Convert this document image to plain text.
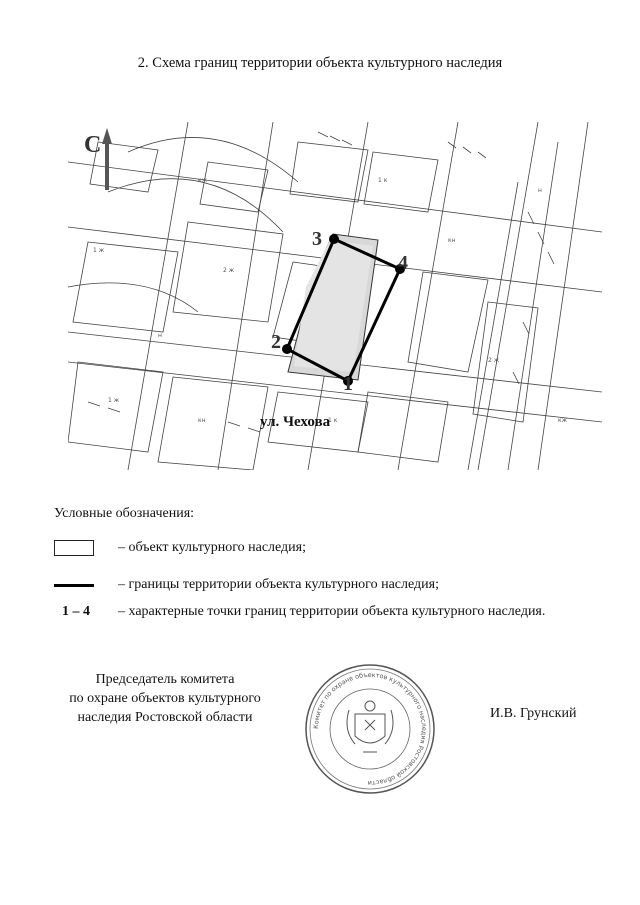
2. Схема границ территории объекта культурного наследия
кж
1 ж
2 ж
1 ж
кн
1 к
кн
2 ж
н
н
1 к	кж
С
1
2
3
4
ул. Чехова
Условные обозначения:
– объект культурного наследия;
– границы территории объекта культурного наследия;
1 – 4	– характерные точки границ территории объекта культурного наследия.
Председатель комитета
по охране объектов культурного
наследия Ростовской области
Комитет по охране объектов культурного наследия Ростовской области
И.В. Грунский
